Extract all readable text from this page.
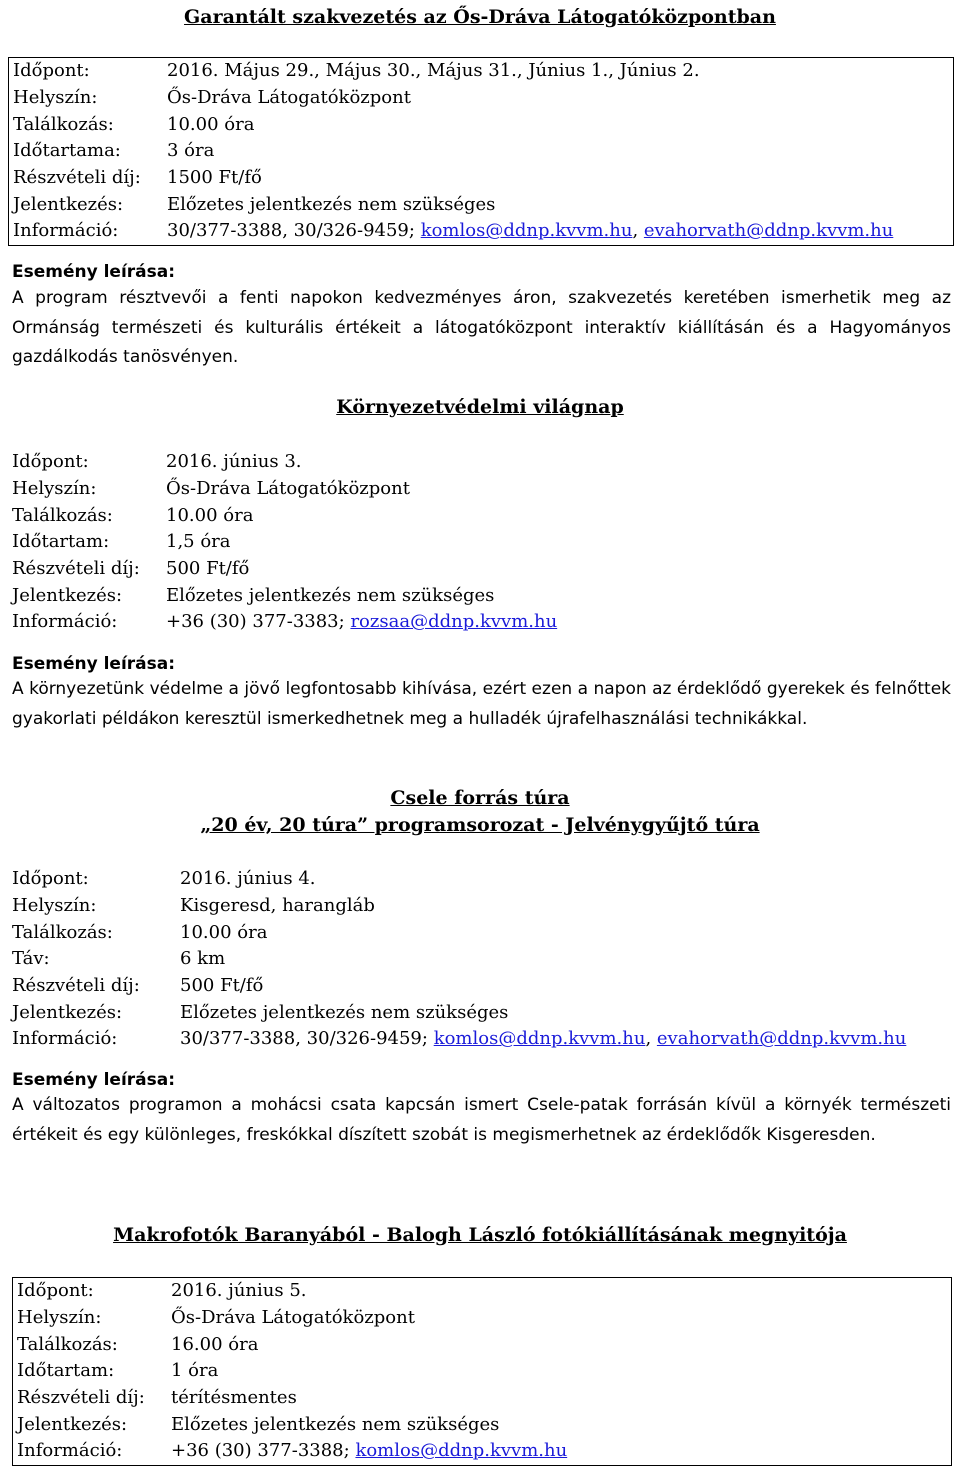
Garantált szakvezetés az Ős-Dráva Látogatóközpontban
Időpont:	2016. Május 29., Május 30., Május 31., Június 1., Június 2.
Helyszín:	Ős-Dráva Látogatóközpont
Találkozás:	10.00 óra
Időtartama:	3 óra
Részvételi díj:	1500 Ft/fő
Jelentkezés:	Előzetes jelentkezés nem szükséges
Információ:	30/377-3388, 30/326-9459; komlos@ddnp.kvvm.hu, evahorvath@ddnp.kvvm.hu
Esemény leírása:
A program résztvevői a fenti napokon kedvezményes áron, szakvezetés keretében ismerhetik meg az Ormánság természeti és kulturális értékeit a látogatóközpont interaktív kiállításán és a Hagyományos gazdálkodás tanösvényen.
Környezetvédelmi világnap
Időpont:	2016. június 3.
Helyszín:	Ős-Dráva Látogatóközpont
Találkozás:	10.00 óra
Időtartam:	1,5 óra
Részvételi díj:	500 Ft/fő
Jelentkezés:	Előzetes jelentkezés nem szükséges
Információ:	+36 (30) 377-3383; rozsaa@ddnp.kvvm.hu
Esemény leírása:
A környezetünk védelme a jövő legfontosabb kihívása, ezért ezen a napon az érdeklődő gyerekek és felnőttek gyakorlati példákon keresztül ismerkedhetnek meg a hulladék újrafelhasználási technikákkal.
Csele forrás túra
„20 év, 20 túra” programsorozat - Jelvénygyűjtő túra
Időpont:	2016. június 4.
Helyszín:	Kisgeresd, harangláb
Találkozás:	10.00 óra
Táv:	6 km
Részvételi díj:	500 Ft/fő
Jelentkezés:	Előzetes jelentkezés nem szükséges
Információ:	30/377-3388, 30/326-9459; komlos@ddnp.kvvm.hu, evahorvath@ddnp.kvvm.hu
Esemény leírása:
A változatos programon a mohácsi csata kapcsán ismert Csele-patak forrásán kívül a környék természeti értékeit és egy különleges, freskókkal díszített szobát is megismerhetnek az érdeklődők Kisgeresden.
Makrofotók Baranyából - Balogh László fotókiállításának megnyitója
Időpont:	2016. június 5.
Helyszín:	Ős-Dráva Látogatóközpont
Találkozás:	16.00 óra
Időtartam:	1 óra
Részvételi díj:	térítésmentes
Jelentkezés:	Előzetes jelentkezés nem szükséges
Információ:	+36 (30) 377-3388; komlos@ddnp.kvvm.hu
